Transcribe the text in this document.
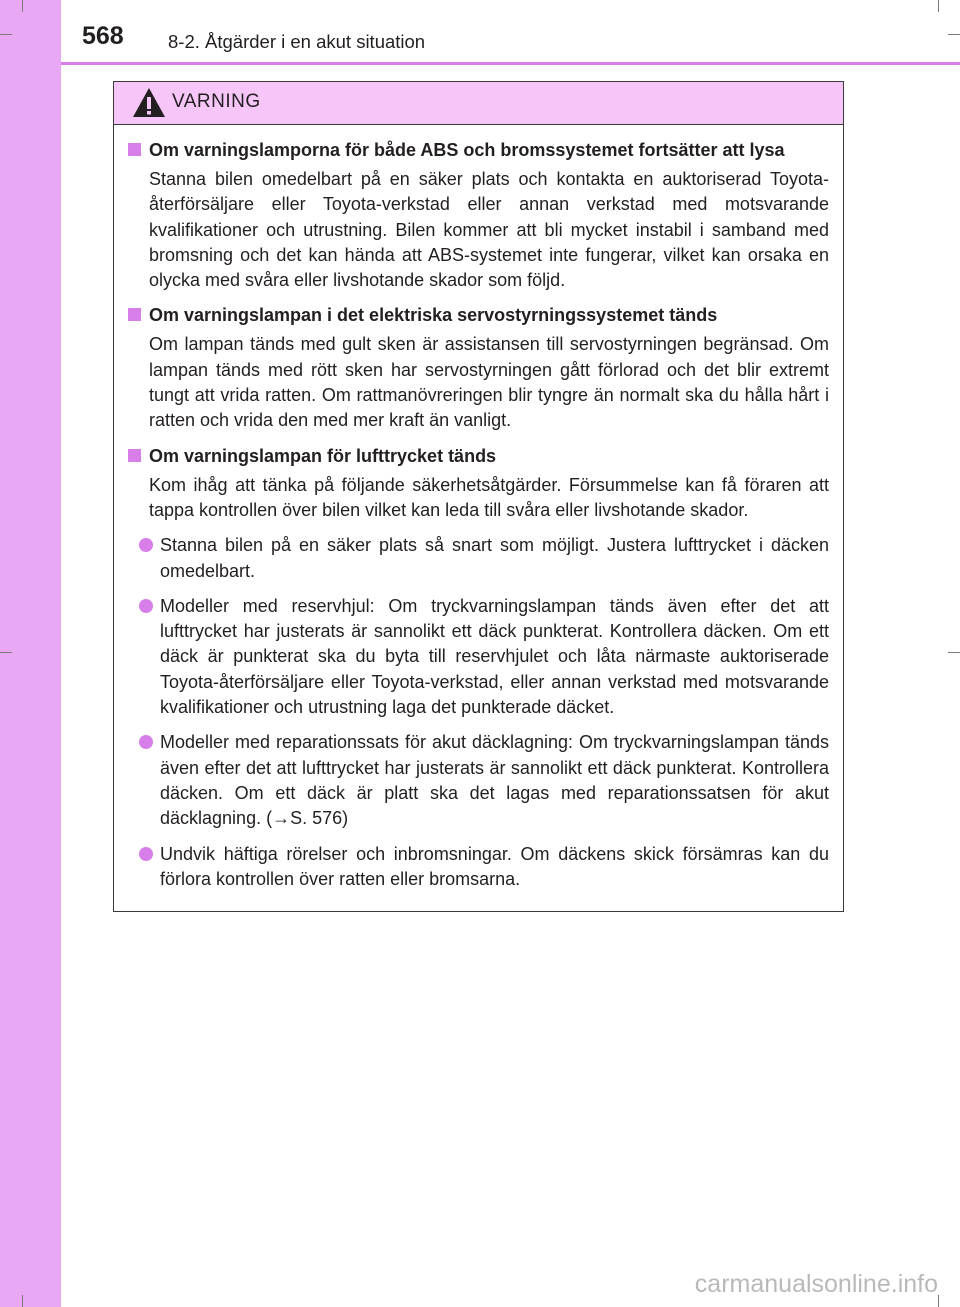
568 8-2. Åtgärder i en akut situation
VARNING
Om varningslamporna för både ABS och bromssystemet fortsätter att lysa
Stanna bilen omedelbart på en säker plats och kontakta en auktoriserad Toyota-återförsäljare eller Toyota-verkstad eller annan verkstad med motsvarande kvalifikationer och utrustning. Bilen kommer att bli mycket instabil i samband med bromsning och det kan hända att ABS-systemet inte fungerar, vilket kan orsaka en olycka med svåra eller livshotande skador som följd.
Om varningslampan i det elektriska servostyrningssystemet tänds
Om lampan tänds med gult sken är assistansen till servostyrningen begränsad. Om lampan tänds med rött sken har servostyrningen gått förlorad och det blir extremt tungt att vrida ratten. Om rattmanövreringen blir tyngre än normalt ska du hålla hårt i ratten och vrida den med mer kraft än vanligt.
Om varningslampan för lufttrycket tänds
Kom ihåg att tänka på följande säkerhetsåtgärder. Försummelse kan få föraren att tappa kontrollen över bilen vilket kan leda till svåra eller livshotande skador.
Stanna bilen på en säker plats så snart som möjligt. Justera lufttrycket i däcken omedelbart.
Modeller med reservhjul: Om tryckvarningslampan tänds även efter det att lufttrycket har justerats är sannolikt ett däck punkterat. Kontrollera däcken. Om ett däck är punkterat ska du byta till reservhjulet och låta närmaste auktoriserade Toyota-återförsäljare eller Toyota-verkstad, eller annan verkstad med motsvarande kvalifikationer och utrustning laga det punkterade däcket.
Modeller med reparationssats för akut däcklagning: Om tryckvarningslampan tänds även efter det att lufttrycket har justerats är sannolikt ett däck punkterat. Kontrollera däcken. Om ett däck är platt ska det lagas med reparationssatsen för akut däcklagning. (→S. 576)
Undvik häftiga rörelser och inbromsningar. Om däckens skick försämras kan du förlora kontrollen över ratten eller bromsarna.
carmanualsonline.info
